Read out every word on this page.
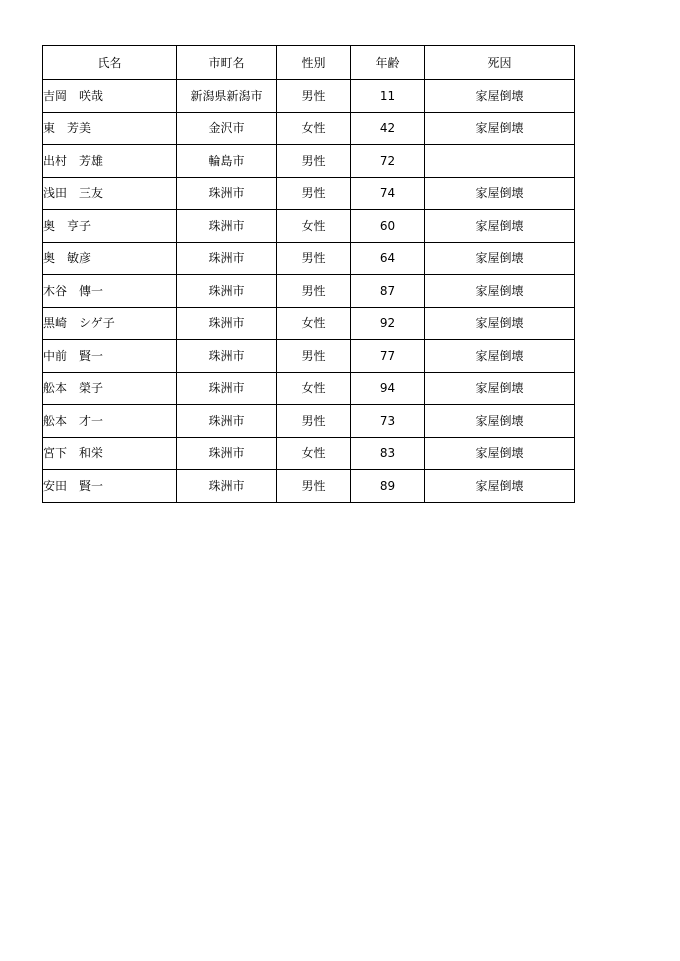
氏名	市町名	性別	年齢	死因
吉岡　咲哉	新潟県新潟市	男性	11	家屋倒壊
東　芳美	金沢市	女性	42	家屋倒壊
出村　芳雄	輪島市	男性	72	
浅田　三友	珠洲市	男性	74	家屋倒壊
奥　亨子	珠洲市	女性	60	家屋倒壊
奥　敏彦	珠洲市	男性	64	家屋倒壊
木谷　傳一	珠洲市	男性	87	家屋倒壊
黒崎　シゲ子	珠洲市	女性	92	家屋倒壊
中前　賢一	珠洲市	男性	77	家屋倒壊
舩本　榮子	珠洲市	女性	94	家屋倒壊
舩本　才一	珠洲市	男性	73	家屋倒壊
宮下　和栄	珠洲市	女性	83	家屋倒壊
安田　賢一	珠洲市	男性	89	家屋倒壊
